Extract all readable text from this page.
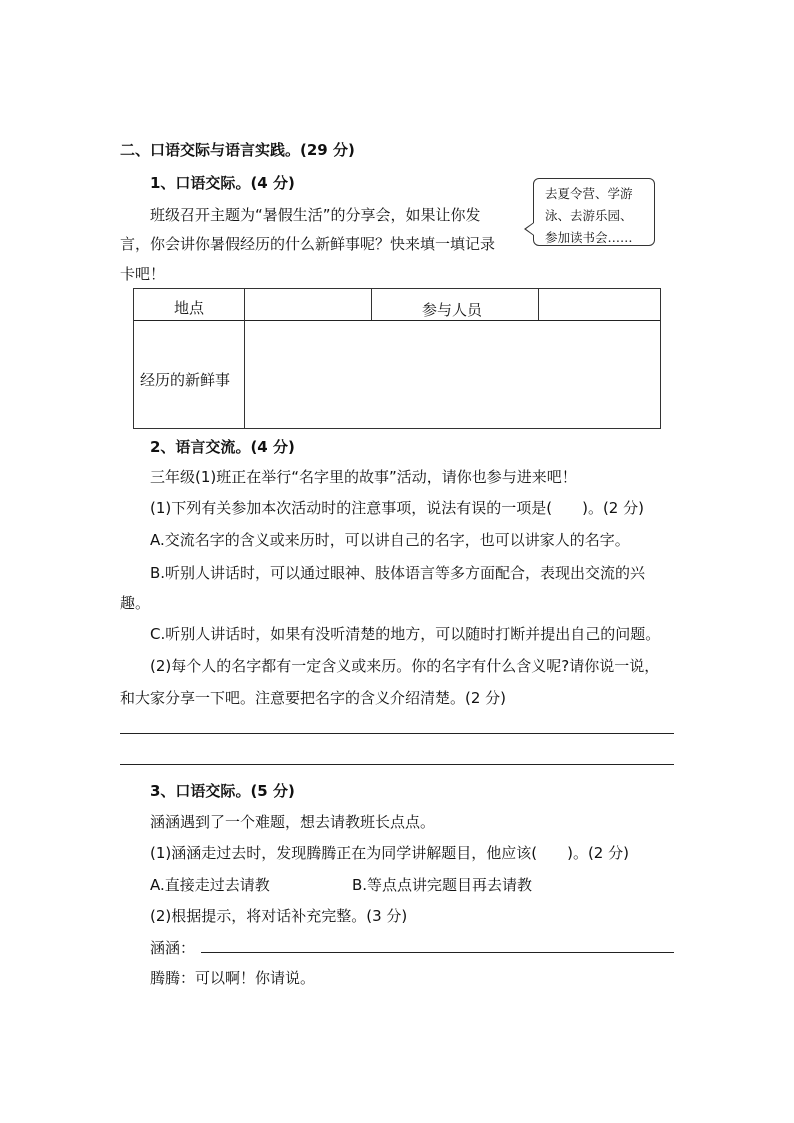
二、口语交际与语言实践。(29 分)
1、口语交际。(4 分)
班级召开主题为“暑假生活”的分享会，如果让你发
言，你会讲你暑假经历的什么新鲜事呢？快来填一填记录
卡吧！
去夏令营、学游
泳、去游乐园、
参加读书会……
地点	参与人员
经历的新鲜事
2、语言交流。(4 分)
三年级(1)班正在举行“名字里的故事”活动，请你也参与进来吧！
(1)下列有关参加本次活动时的注意事项，说法有误的一项是(　　)。(2 分)
A.交流名字的含义或来历时，可以讲自己的名字，也可以讲家人的名字。
B.听别人讲话时，可以通过眼神、肢体语言等多方面配合，表现出交流的兴
趣。
C.听别人讲话时，如果有没听清楚的地方，可以随时打断并提出自己的问题。
(2)每个人的名字都有一定含义或来历。你的名字有什么含义呢?请你说一说，
和大家分享一下吧。注意要把名字的含义介绍清楚。(2 分)
3、口语交际。(5 分)
涵涵遇到了一个难题，想去请教班长点点。
(1)涵涵走过去时，发现腾腾正在为同学讲解题目，他应该(　　)。(2 分)
A.直接走过去请教	B.等点点讲完题目再去请教
(2)根据提示，将对话补充完整。(3 分)
涵涵：
腾腾：可以啊！你请说。
